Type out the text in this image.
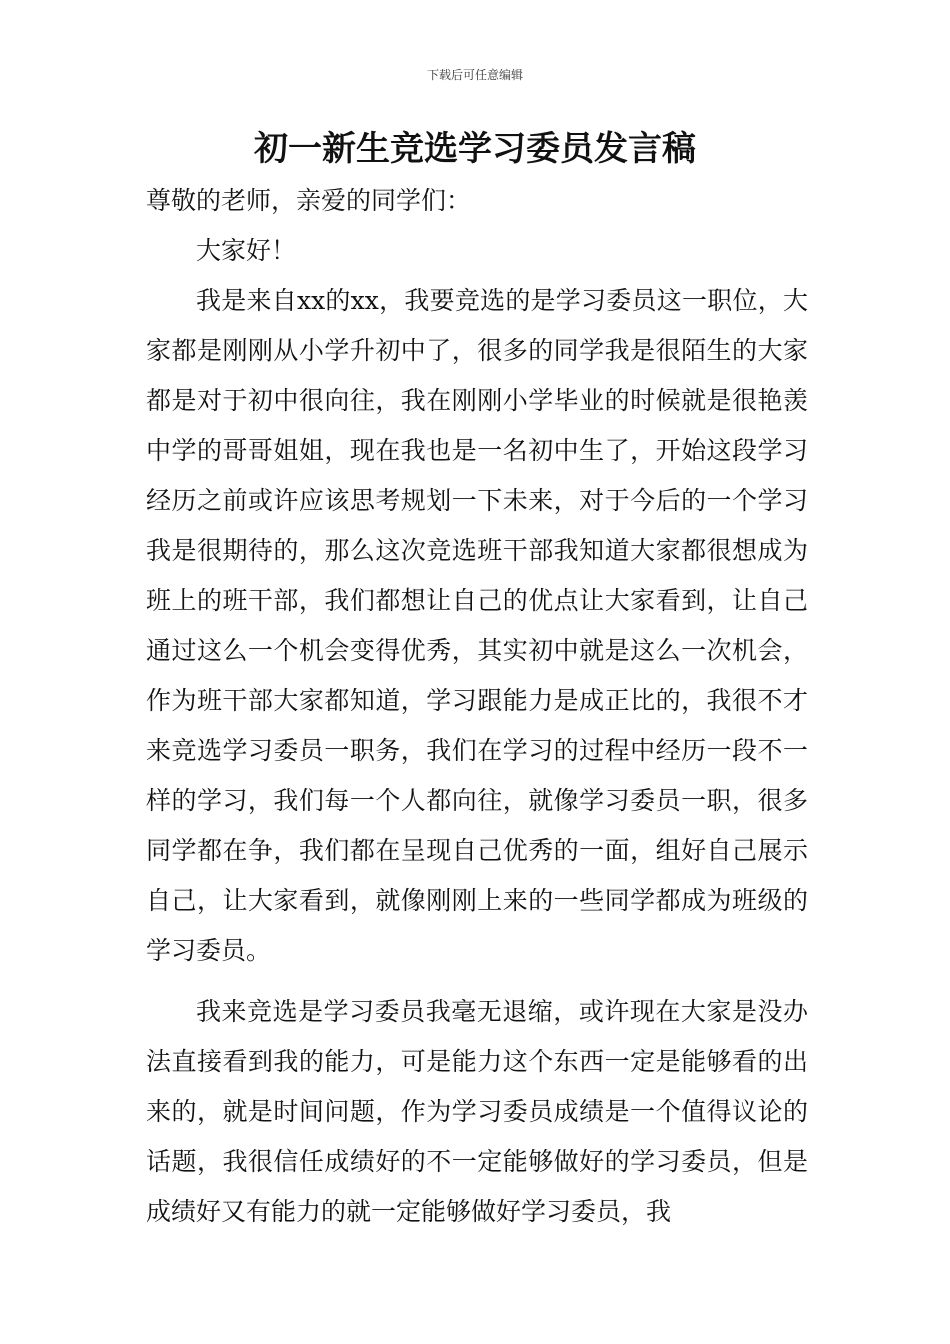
下载后可任意编辑
初一新生竞选学习委员发言稿

尊敬的老师，亲爱的同学们：

大家好！

我是来自xx的xx，我要竞选的是学习委员这一职位，大家都是刚刚从小学升初中了，很多的同学我是很陌生的大家都是对于初中很向往，我在刚刚小学毕业的时候就是很艳羡中学的哥哥姐姐，现在我也是一名初中生了，开始这段学习经历之前或许应该思考规划一下未来，对于今后的一个学习我是很期待的，那么这次竞选班干部我知道大家都很想成为班上的班干部，我们都想让自己的优点让大家看到，让自己通过这么一个机会变得优秀，其实初中就是这么一次机会，作为班干部大家都知道，学习跟能力是成正比的，我很不才来竞选学习委员一职务，我们在学习的过程中经历一段不一样的学习，我们每一个人都向往，就像学习委员一职，很多同学都在争，我们都在呈现自己优秀的一面，组好自己展示自己，让大家看到，就像刚刚上来的一些同学都成为班级的学习委员。

我来竞选是学习委员我毫无退缩，或许现在大家是没办法直接看到我的能力，可是能力这个东西一定是能够看的出来的，就是时间问题，作为学习委员成绩是一个值得议论的话题，我很信任成绩好的不一定能够做好的学习委员，但是成绩好又有能力的就一定能够做好学习委员，我
